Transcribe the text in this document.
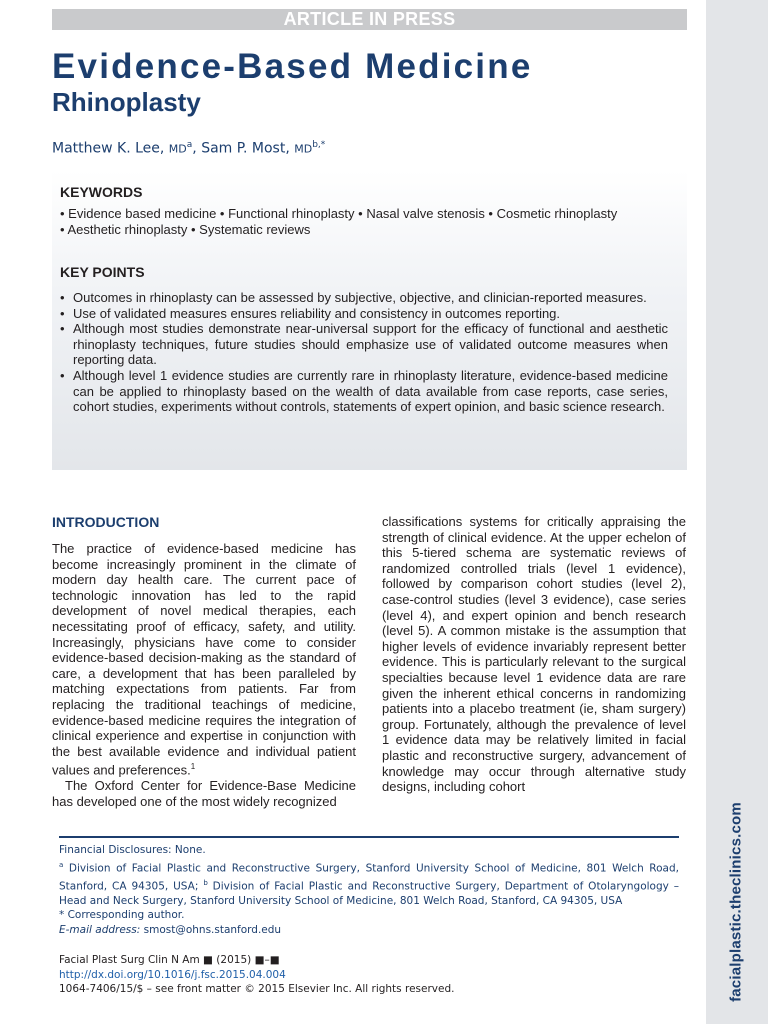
facialplastic.theclinics.com
ARTICLE IN PRESS
Evidence-Based Medicine
Rhinoplasty
Matthew K. Lee, $MD^a$, Sam P. Most, $MD^{b,*}$
KEYWORDS
• Evidence based medicine • Functional rhinoplasty • Nasal valve stenosis • Cosmetic rhinoplasty
• Aesthetic rhinoplasty • Systematic reviews
KEY POINTS
• Outcomes in rhinoplasty can be assessed by subjective, objective, and clinician-reported measures.
• Use of validated measures ensures reliability and consistency in outcomes reporting.
• Although most studies demonstrate near-universal support for the efficacy of functional and aesthetic rhinoplasty techniques, future studies should emphasize use of validated outcome measures when reporting data.
• Although level 1 evidence studies are currently rare in rhinoplasty literature, evidence-based medicine can be applied to rhinoplasty based on the wealth of data available from case reports, case series, cohort studies, experiments without controls, statements of expert opinion, and basic science research.
INTRODUCTION

The practice of evidence-based medicine has become increasingly prominent in the climate of modern day health care. The current pace of technologic innovation has led to the rapid development of novel medical therapies, each necessitating proof of efficacy, safety, and utility. Increasingly, physicians have come to consider evidence-based decision-making as the standard of care, a development that has been paralleled by matching expectations from patients. Far from replacing the traditional teachings of medicine, evidence-based medicine requires the integration of clinical experience and expertise in conjunction with the best available evidence and individual patient values and preferences.$^1$

The Oxford Center for Evidence-Base Medicine has developed one of the most widely recognized

classifications systems for critically appraising the strength of clinical evidence. At the upper echelon of this 5-tiered schema are systematic reviews of randomized controlled trials (level 1 evidence), followed by comparison cohort studies (level 2), case-control studies (level 3 evidence), case series (level 4), and expert opinion and bench research (level 5). A common mistake is the assumption that higher levels of evidence invariably represent better evidence. This is particularly relevant to the surgical specialties because level 1 evidence data are rare given the inherent ethical concerns in randomizing patients into a placebo treatment (ie, sham surgery) group. Fortunately, although the prevalence of level 1 evidence data may be relatively limited in facial plastic and reconstructive surgery, advancement of knowledge may occur through alternative study designs, including cohort

Financial Disclosures: None.
$^a$ Division of Facial Plastic and Reconstructive Surgery, Stanford University School of Medicine, 801 Welch Road, Stanford, CA 94305, USA; $^b$ Division of Facial Plastic and Reconstructive Surgery, Department of Otolaryngology – Head and Neck Surgery, Stanford University School of Medicine, 801 Welch Road, Stanford, CA 94305, USA
* Corresponding author.
E-mail address: smost@ohns.stanford.edu
Facial Plast Surg Clin N Am ■ (2015) ■–■
http://dx.doi.org/10.1016/j.fsc.2015.04.004
1064-7406/15/$ – see front matter © 2015 Elsevier Inc. All rights reserved.
